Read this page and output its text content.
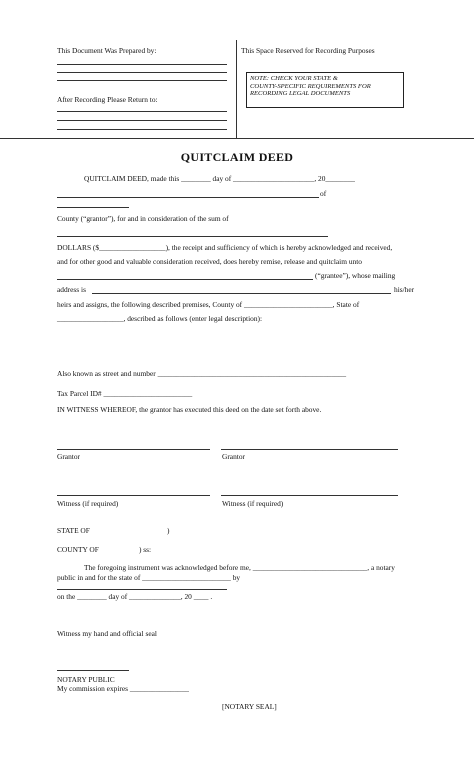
This Document Was Prepared by:
After Recording Please Return to:
This Space Reserved for Recording Purposes
NOTE: CHECK YOUR STATE &
COUNTY-SPECIFIC REQUIREMENTS FOR
RECORDING LEGAL DOCUMENTS
QUITCLAIM DEED
QUITCLAIM DEED, made this ________ day of ______________________, 20________
of
County (“grantor”), for and in consideration of the sum of
DOLLARS ($__________________), the receipt and sufficiency of which is hereby acknowledged and received,
and for other good and valuable consideration received, does hereby remise, release and quitclaim unto
(“grantee”), whose mailing
address is	his/her
heirs and assigns, the following described premises, County of ________________________, State of
__________________, described as follows (enter legal description):
Also known as street and number ___________________________________________________
Tax Parcel ID# ________________________
IN WITNESS WHEREOF, the grantor has executed this deed on the date set forth above.
Grantor	Grantor
Witness (if required)	Witness (if required)
STATE OF	)
COUNTY OF	) ss:
The foregoing instrument was acknowledged before me, _______________________________, a notary
public in and for the state of ________________________ by
on the ________ day of ______________, 20 ____ .
Witness my hand and official seal
NOTARY PUBLIC
My commission expires ________________
[NOTARY SEAL]
